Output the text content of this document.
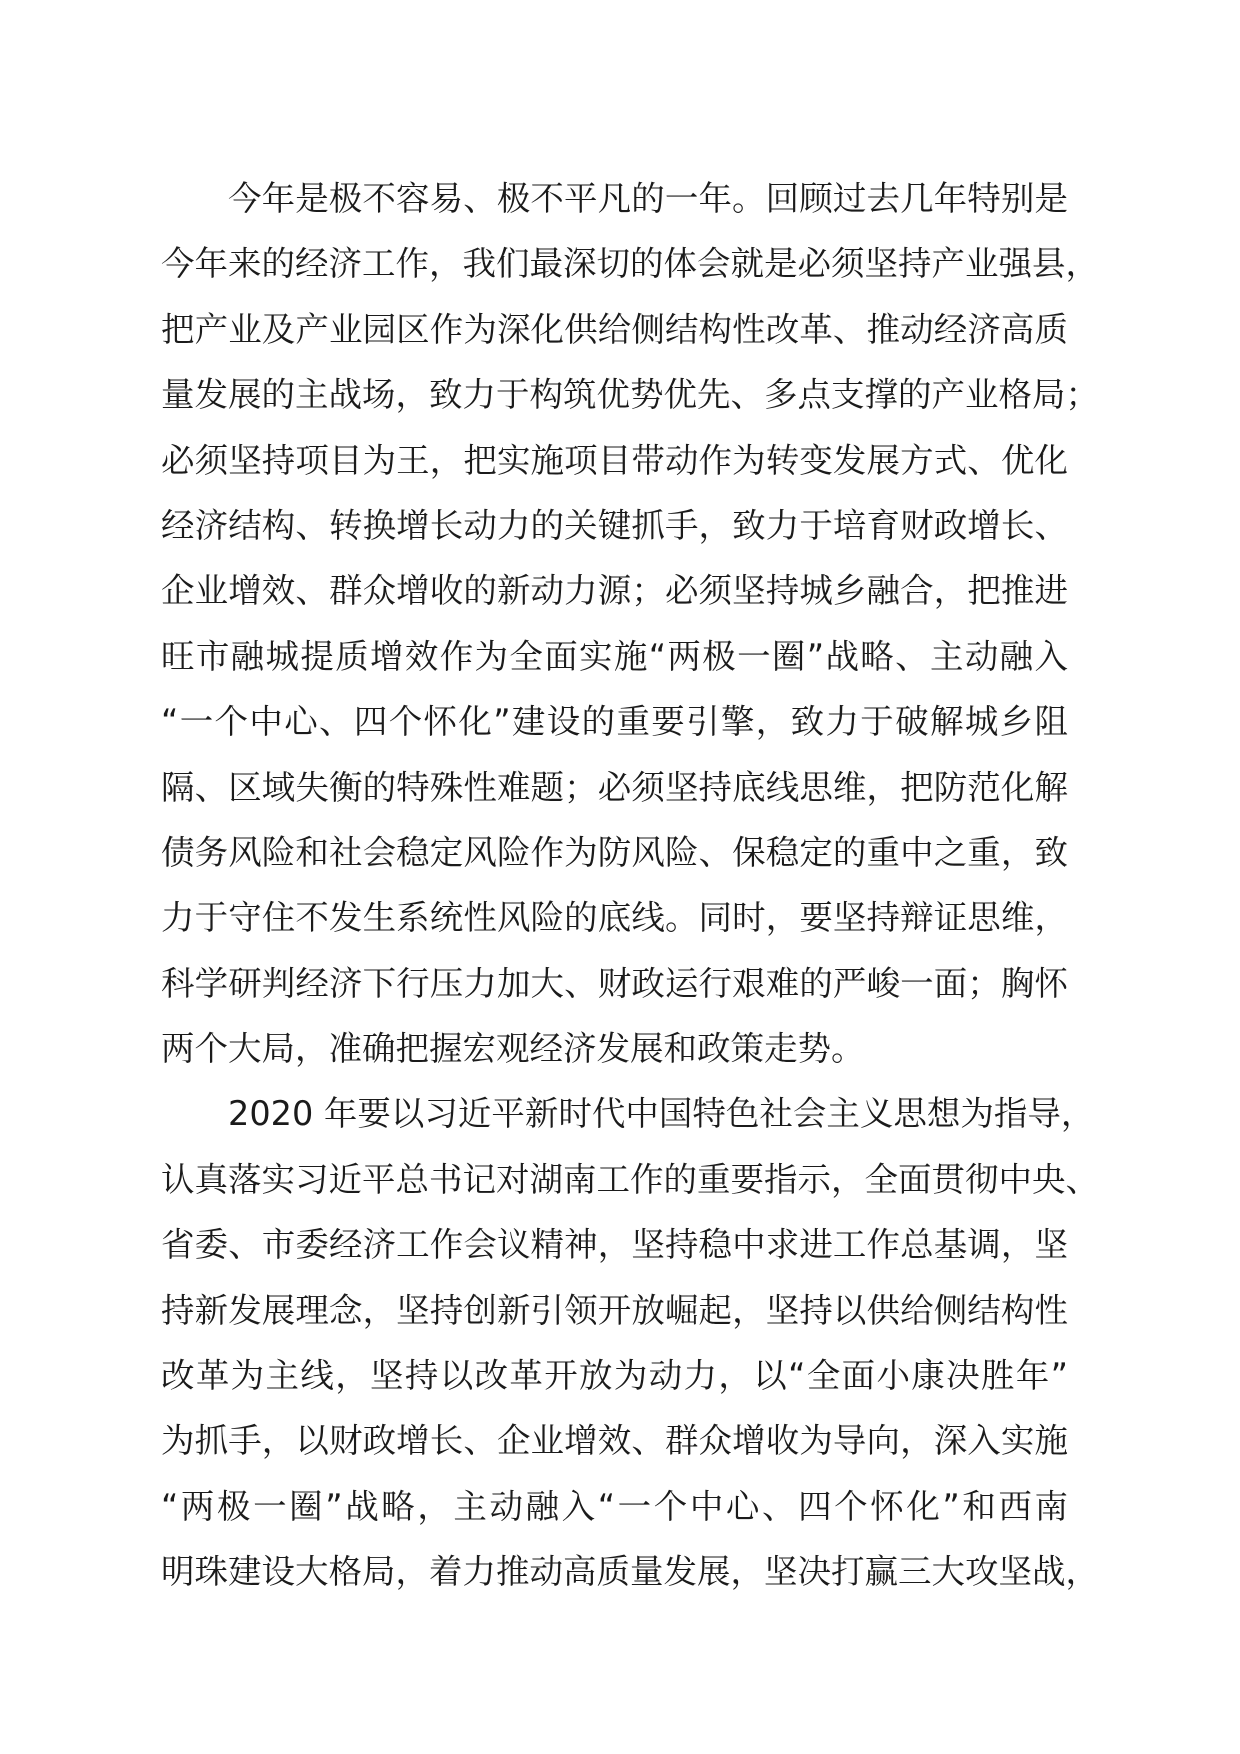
今年是极不容易、极不平凡的一年。回顾过去几年特别是
今年来的经济工作，我们最深切的体会就是必须坚持产业强县，
把产业及产业园区作为深化供给侧结构性改革、推动经济高质
量发展的主战场，致力于构筑优势优先、多点支撑的产业格局；
必须坚持项目为王，把实施项目带动作为转变发展方式、优化
经济结构、转换增长动力的关键抓手，致力于培育财政增长、
企业增效、群众增收的新动力源；必须坚持城乡融合，把推进
旺市融城提质增效作为全面实施“两极一圈”战略、主动融入
“一个中心、四个怀化”建设的重要引擎，致力于破解城乡阻
隔、区域失衡的特殊性难题；必须坚持底线思维，把防范化解
债务风险和社会稳定风险作为防风险、保稳定的重中之重，致
力于守住不发生系统性风险的底线。同时，要坚持辩证思维，
科学研判经济下行压力加大、财政运行艰难的严峻一面；胸怀
两个大局，准确把握宏观经济发展和政策走势。
2020 年要以习近平新时代中国特色社会主义思想为指导，
认真落实习近平总书记对湖南工作的重要指示，全面贯彻中央、
省委、市委经济工作会议精神，坚持稳中求进工作总基调，坚
持新发展理念，坚持创新引领开放崛起，坚持以供给侧结构性
改革为主线，坚持以改革开放为动力，以“全面小康决胜年”
为抓手，以财政增长、企业增效、群众增收为导向，深入实施
“两极一圈”战略，主动融入“一个中心、四个怀化”和西南
明珠建设大格局，着力推动高质量发展，坚决打赢三大攻坚战，
